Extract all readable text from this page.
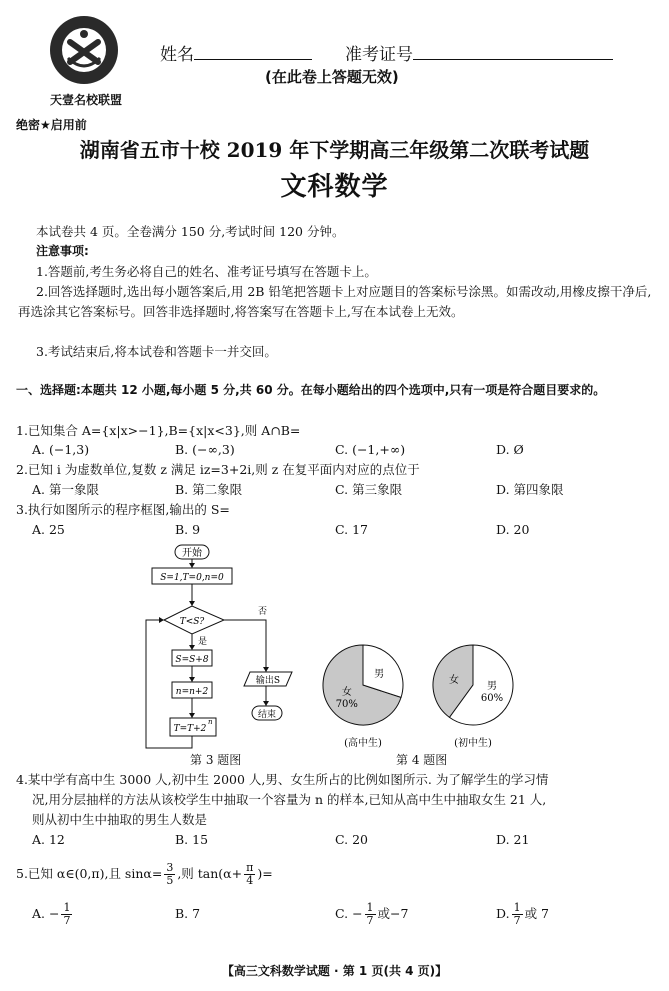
天壹名校联盟
姓名	准考证号
(在此卷上答题无效)
绝密★启用前
湖南省五市十校 2019 年下学期高三年级第二次联考试题
文科数学
本试卷共 4 页。全卷满分 150 分,考试时间 120 分钟。
注意事项:
1.答题前,考生务必将自己的姓名、准考证号填写在答题卡上。
2.回答选择题时,选出每小题答案后,用 2B 铅笔把答题卡上对应题目的答案标号涂黑。如需改动,用橡皮擦干净后,再选涂其它答案标号。回答非选择题时,将答案写在答题卡上,写在本试卷上无效。
3.考试结束后,将本试卷和答题卡一并交回。
一、选择题:本题共 12 小题,每小题 5 分,共 60 分。在每小题给出的四个选项中,只有一项是符合题目要求的。
1.已知集合 A={x|x>−1},B={x|x<3},则 A∩B=
A. (−1,3)	B. (−∞,3)	C. (−1,+∞)	D. Ø
2.已知 i 为虚数单位,复数 z 满足 iz=3+2i,则 z 在复平面内对应的点位于
A. 第一象限	B. 第二象限	C. 第三象限	D. 第四象限
3.执行如图所示的程序框图,输出的 S=
A. 25	B. 9	C. 17	D. 20
开始
S=1,T=0,n=0
T<S?
是
否
S=S+8
n=n+2
T=T+2
n
输出S
结束
第 3 题图
女
70%
男
(高中生)
女
男
60%
(初中生)
第 4 题图
4.某中学有高中生 3000 人,初中生 2000 人,男、女生所占的比例如图所示. 为了解学生的学习情
况,用分层抽样的方法从该校学生中抽取一个容量为 n 的样本,已知从高中生中抽取女生 21 人,
则从初中生中抽取的男生人数是
A. 12	B. 15	C. 20	D. 21
5.已知 α∈(0,π),且 $\sin\alpha= \frac{3}{5}$ ,则 $\tan(\alpha+ \frac{\pi}{4}$ )=
A. − $\frac{1}{7}$	B. 7	C. − $\frac{1}{7}$ 或−7	D. $\frac{1}{7}$ 或 7
【高三文科数学试题 · 第 1 页(共 4 页)】
